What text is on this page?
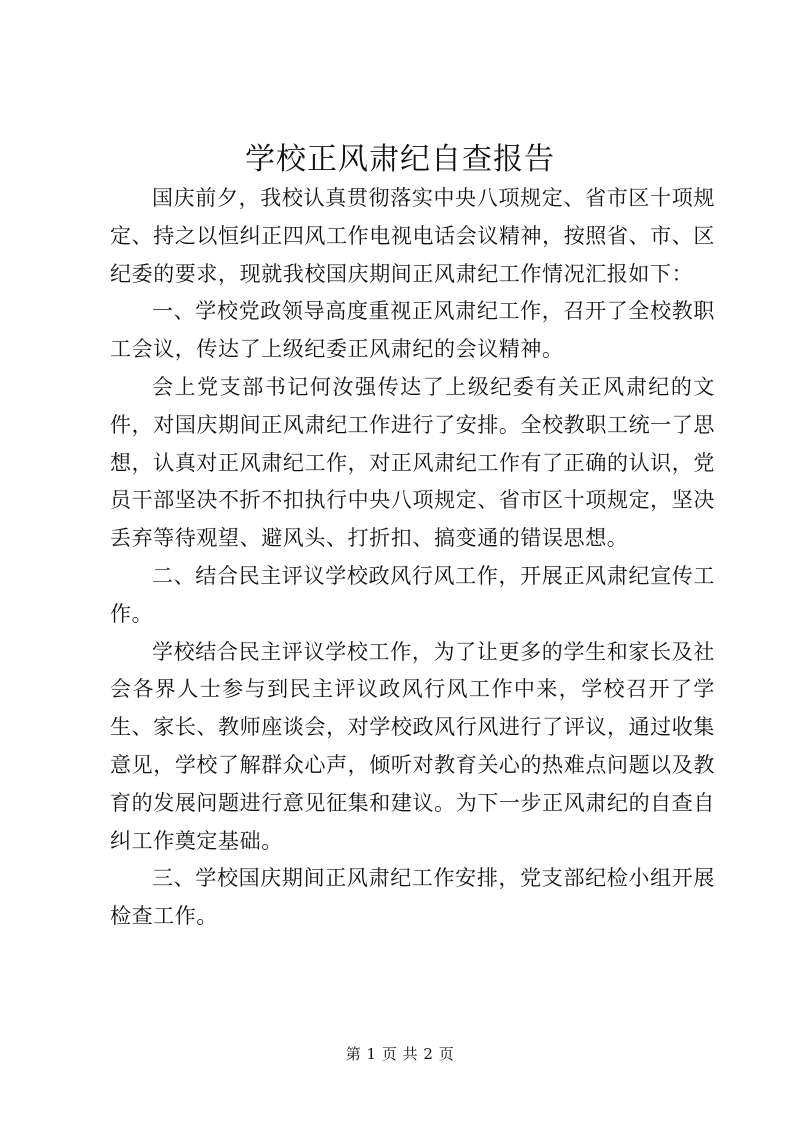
学校正风肃纪自查报告

国庆前夕，我校认真贯彻落实中央八项规定、省市区十项规定、持之以恒纠正四风工作电视电话会议精神，按照省、市、区纪委的要求，现就我校国庆期间正风肃纪工作情况汇报如下：

一、学校党政领导高度重视正风肃纪工作，召开了全校教职工会议，传达了上级纪委正风肃纪的会议精神。

会上党支部书记何汝强传达了上级纪委有关正风肃纪的文件，对国庆期间正风肃纪工作进行了安排。全校教职工统一了思想，认真对正风肃纪工作，对正风肃纪工作有了正确的认识，党员干部坚决不折不扣执行中央八项规定、省市区十项规定，坚决丢弃等待观望、避风头、打折扣、搞变通的错误思想。

二、结合民主评议学校政风行风工作，开展正风肃纪宣传工作。

学校结合民主评议学校工作，为了让更多的学生和家长及社会各界人士参与到民主评议政风行风工作中来，学校召开了学生、家长、教师座谈会，对学校政风行风进行了评议，通过收集意见，学校了解群众心声，倾听对教育关心的热难点问题以及教育的发展问题进行意见征集和建议。为下一步正风肃纪的自查自纠工作奠定基础。

三、学校国庆期间正风肃纪工作安排，党支部纪检小组开展检查工作。

第 1 页 共 2 页
